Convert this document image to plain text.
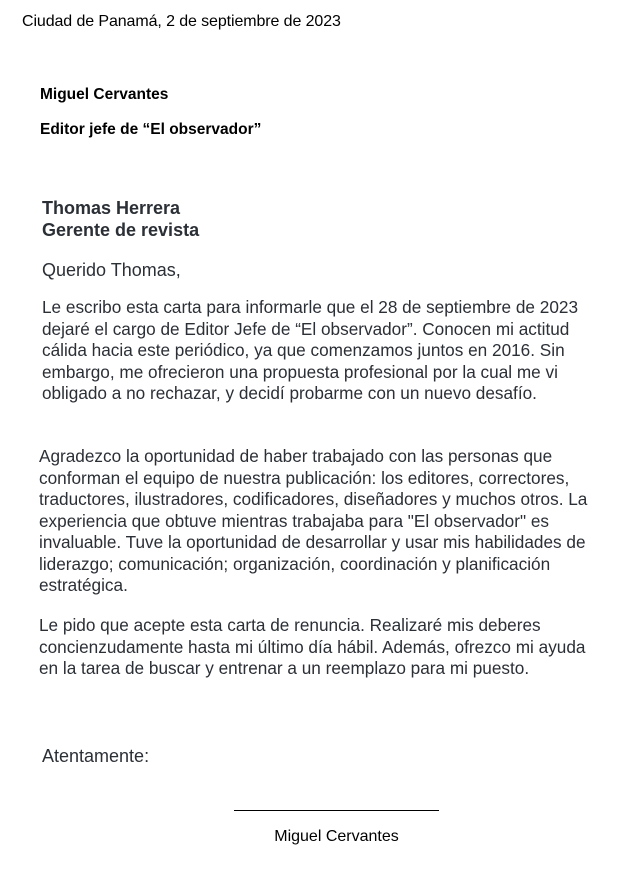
Ciudad de Panamá, 2 de septiembre de 2023

Miguel Cervantes

Editor jefe de “El observador”

Thomas Herrera

Gerente de revista

Querido Thomas,

Le escribo esta carta para informarle que el 28 de septiembre de 2023 dejaré el cargo de Editor Jefe de “El observador”. Conocen mi actitud cálida hacia este periódico, ya que comenzamos juntos en 2016. Sin embargo, me ofrecieron una propuesta profesional por la cual me vi obligado a no rechazar, y decidí probarme con un nuevo desafío.

Agradezco la oportunidad de haber trabajado con las personas que conforman el equipo de nuestra publicación: los editores, correctores, traductores, ilustradores, codificadores, diseñadores y muchos otros. La experiencia que obtuve mientras trabajaba para "El observador" es invaluable. Tuve la oportunidad de desarrollar y usar mis habilidades de liderazgo; comunicación; organización, coordinación y planificación estratégica.

Le pido que acepte esta carta de renuncia. Realizaré mis deberes concienzudamente hasta mi último día hábil. Además, ofrezco mi ayuda en la tarea de buscar y entrenar a un reemplazo para mi puesto.

Atentamente:

Miguel Cervantes
